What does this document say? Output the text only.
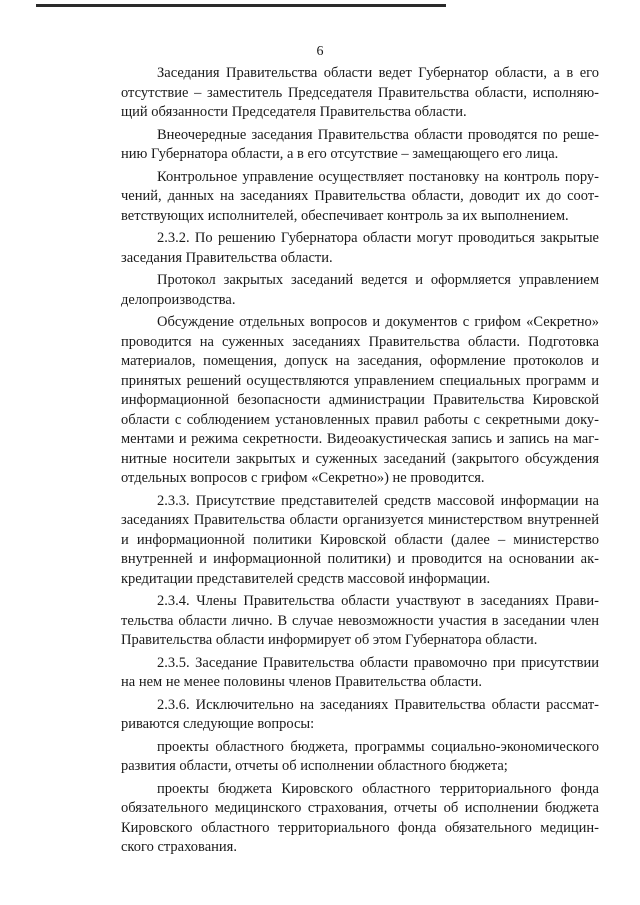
6

Заседания Правительства области ведет Губернатор области, а в его отсутствие – заместитель Председателя Правительства области, исполняющий обязанности Председателя Правительства области.

Внеочередные заседания Правительства области проводятся по решению Губернатора области, а в его отсутствие – замещающего его лица.

Контрольное управление осуществляет постановку на контроль поручений, данных на заседаниях Правительства области, доводит их до соответствующих исполнителей, обеспечивает контроль за их выполнением.

2.3.2. По решению Губернатора области могут проводиться закрытые заседания Правительства области.

Протокол закрытых заседаний ведется и оформляется управлением делопроизводства.

Обсуждение отдельных вопросов и документов с грифом «Секретно» проводится на суженных заседаниях Правительства области. Подготовка материалов, помещения, допуск на заседания, оформление протоколов и принятых решений осуществляются управлением специальных программ и информационной безопасности администрации Правительства Кировской области с соблюдением установленных правил работы с секретными документами и режима секретности. Видеоакустическая запись и запись на магнитные носители закрытых и суженных заседаний (закрытого обсуждения отдельных вопросов с грифом «Секретно») не проводится.

2.3.3. Присутствие представителей средств массовой информации на заседаниях Правительства области организуется министерством внутренней и информационной политики Кировской области (далее – министерство внутренней и информационной политики) и проводится на основании аккредитации представителей средств массовой информации.

2.3.4. Члены Правительства области участвуют в заседаниях Правительства области лично. В случае невозможности участия в заседании член Правительства области информирует об этом Губернатора области.

2.3.5. Заседание Правительства области правомочно при присутствии на нем не менее половины членов Правительства области.

2.3.6. Исключительно на заседаниях Правительства области рассматриваются следующие вопросы:

проекты областного бюджета, программы социально-экономического развития области, отчеты об исполнении областного бюджета;

проекты бюджета Кировского областного территориального фонда обязательного медицинского страхования, отчеты об исполнении бюджета Кировского областного территориального фонда обязательного медицинского страхования.
